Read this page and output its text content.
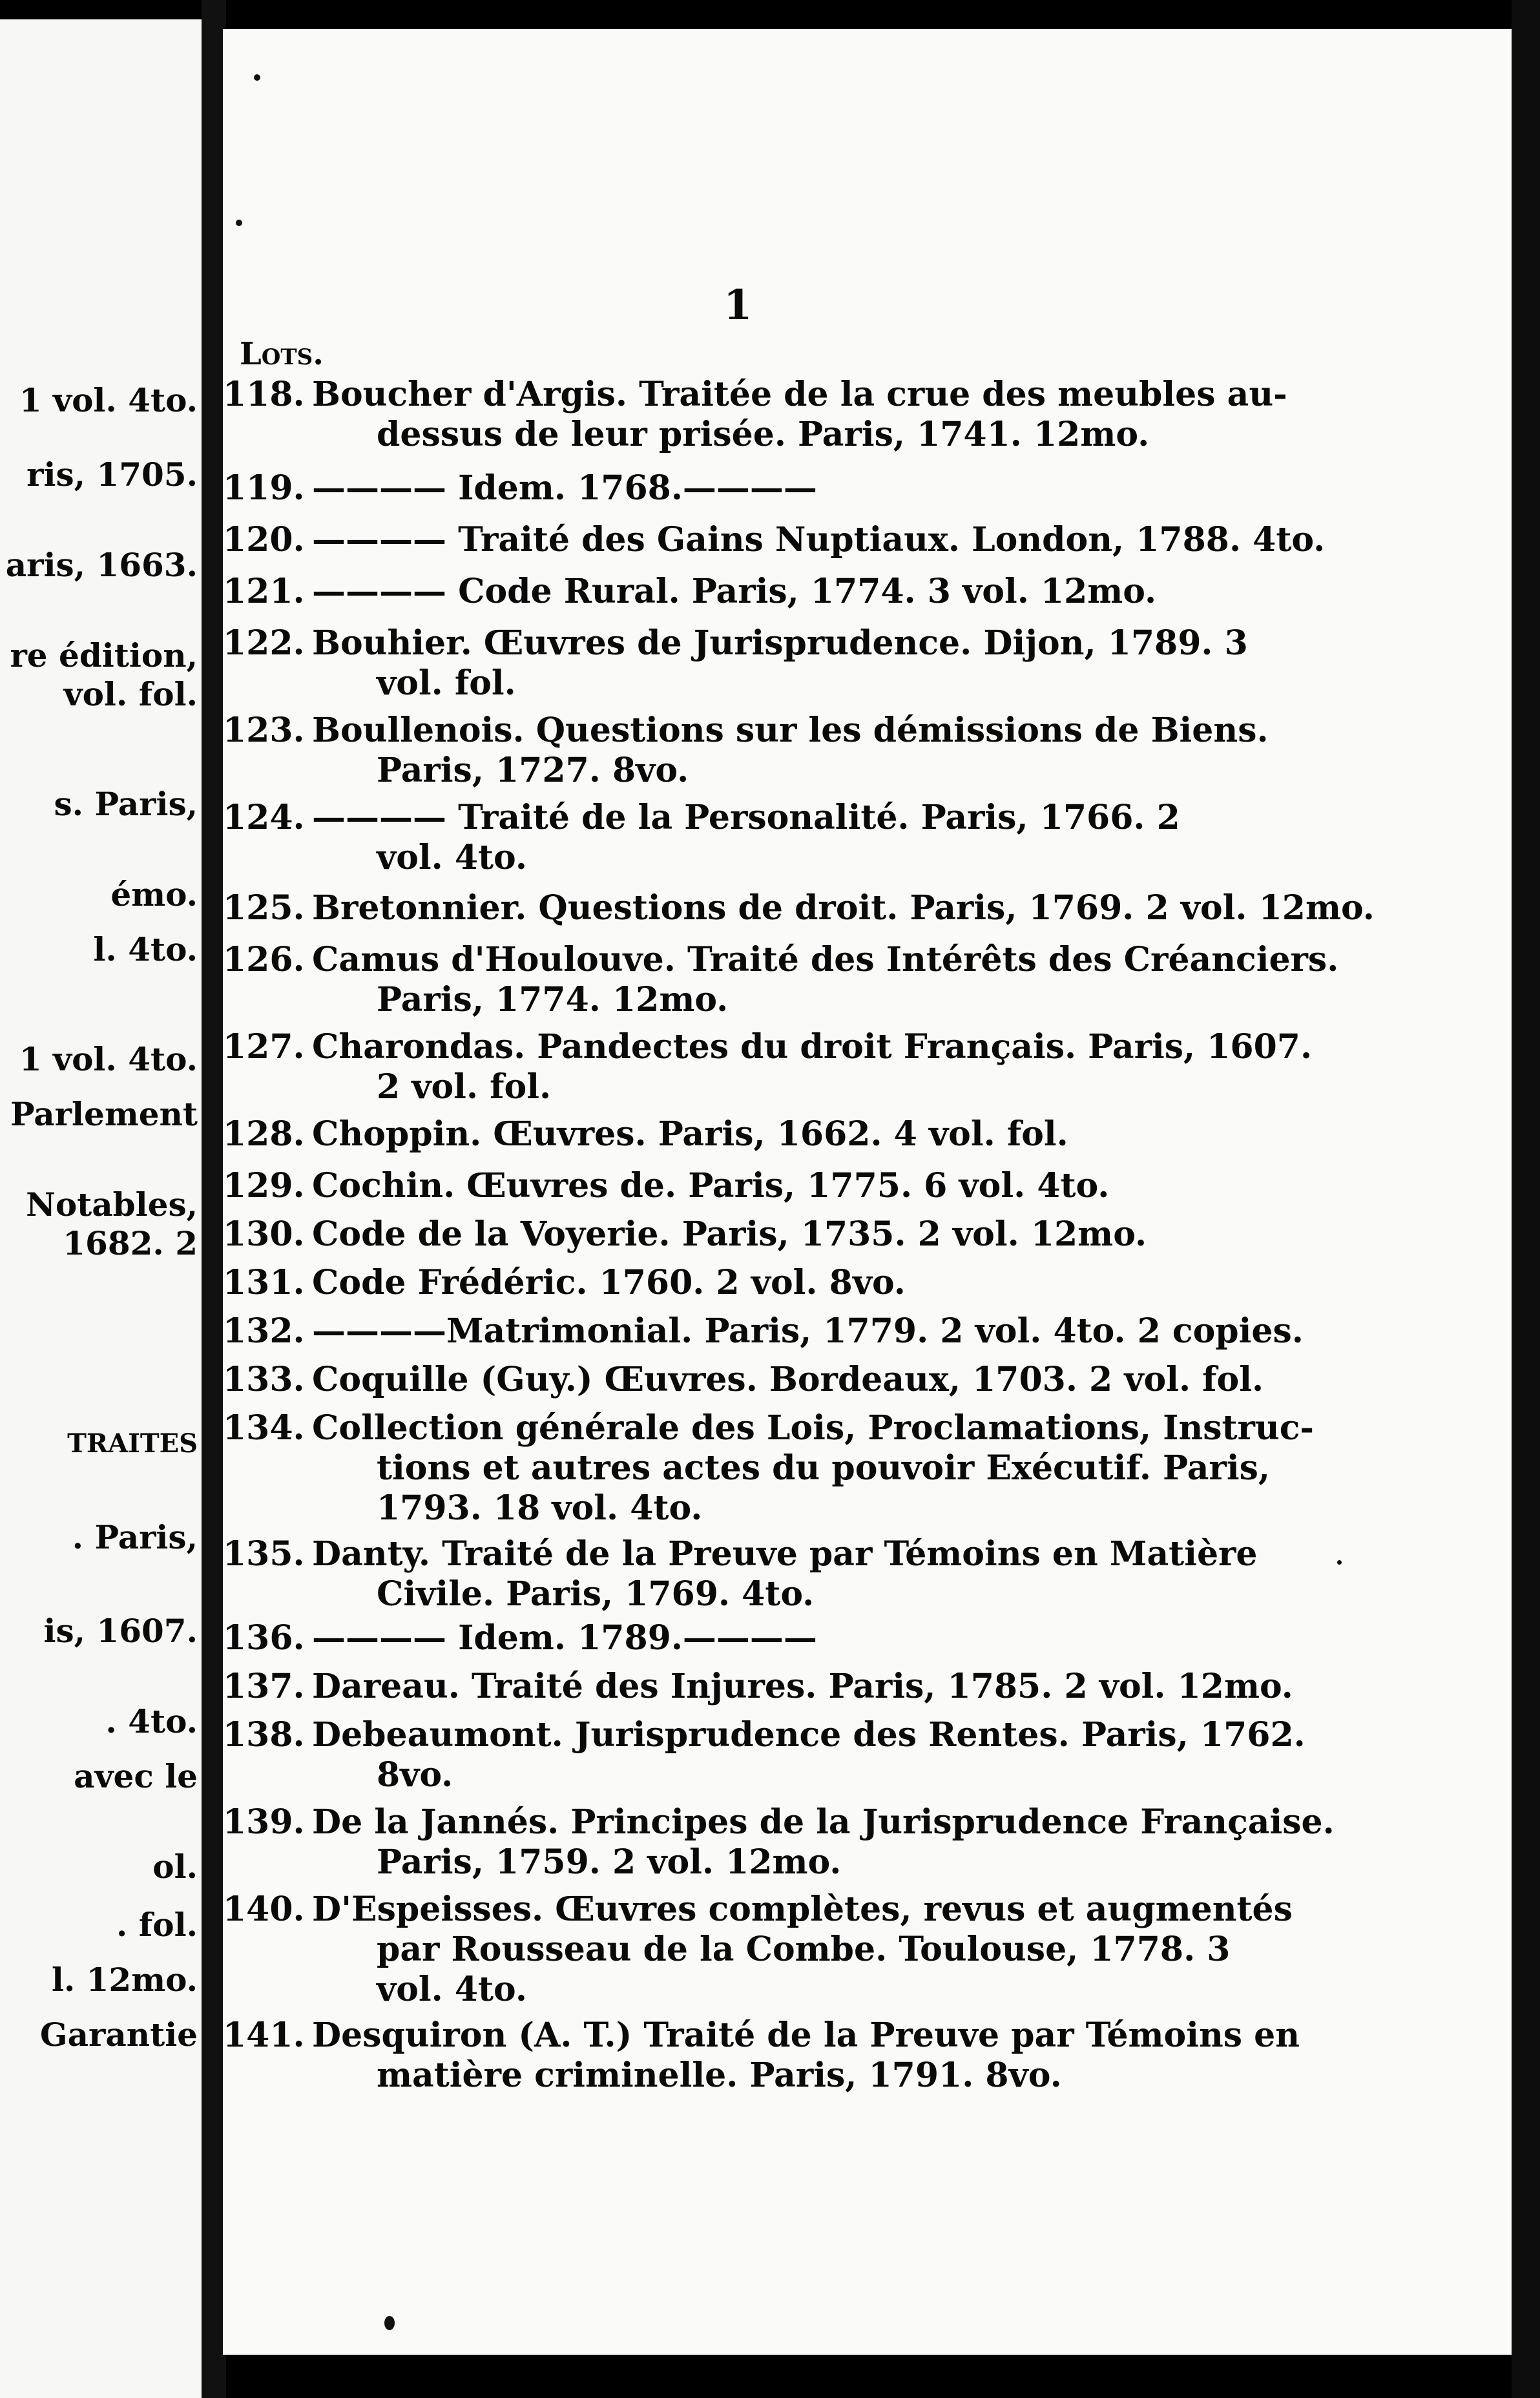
1 vol. 4to.
ris, 1705.
aris, 1663.
re édition,
vol. fol.
s. Paris,
émo.
l. 4to.
1 vol. 4to.
Parlement
Notables,
1682. 2
TRAITES
. Paris,
is, 1607.
. 4to.
avec le
ol.
. fol.
l. 12mo.
Garantie
1
Lots.
118. Boucher d'Argis. Traitée de la crue des meubles au-
dessus de leur prisée. Paris, 1741. 12mo.
119. ———— Idem. 1768.————
120. ———— Traité des Gains Nuptiaux. London, 1788. 4to.
121. ———— Code Rural. Paris, 1774. 3 vol. 12mo.
122. Bouhier. Œuvres de Jurisprudence. Dijon, 1789. 3
vol. fol.
123. Boullenois. Questions sur les démissions de Biens.
Paris, 1727. 8vo.
124. ———— Traité de la Personalité. Paris, 1766. 2
vol. 4to.
125. Bretonnier. Questions de droit. Paris, 1769. 2 vol. 12mo.
126. Camus d'Houlouve. Traité des Intérêts des Créanciers.
Paris, 1774. 12mo.
127. Charondas. Pandectes du droit Français. Paris, 1607.
2 vol. fol.
128. Choppin. Œuvres. Paris, 1662. 4 vol. fol.
129. Cochin. Œuvres de. Paris, 1775. 6 vol. 4to.
130. Code de la Voyerie. Paris, 1735. 2 vol. 12mo.
131. Code Frédéric. 1760. 2 vol. 8vo.
132. ————Matrimonial. Paris, 1779. 2 vol. 4to. 2 copies.
133. Coquille (Guy.) Œuvres. Bordeaux, 1703. 2 vol. fol.
134. Collection générale des Lois, Proclamations, Instruc-
tions et autres actes du pouvoir Exécutif. Paris,
1793. 18 vol. 4to.
135. Danty. Traité de la Preuve par Témoins en Matière
Civile. Paris, 1769. 4to.
136. ———— Idem. 1789.————
137. Dareau. Traité des Injures. Paris, 1785. 2 vol. 12mo.
138. Debeaumont. Jurisprudence des Rentes. Paris, 1762.
8vo.
139. De la Jannés. Principes de la Jurisprudence Française.
Paris, 1759. 2 vol. 12mo.
140. D'Espeisses. Œuvres complètes, revus et augmentés
par Rousseau de la Combe. Toulouse, 1778. 3
vol. 4to.
141. Desquiron (A. T.) Traité de la Preuve par Témoins en
matière criminelle. Paris, 1791. 8vo.
